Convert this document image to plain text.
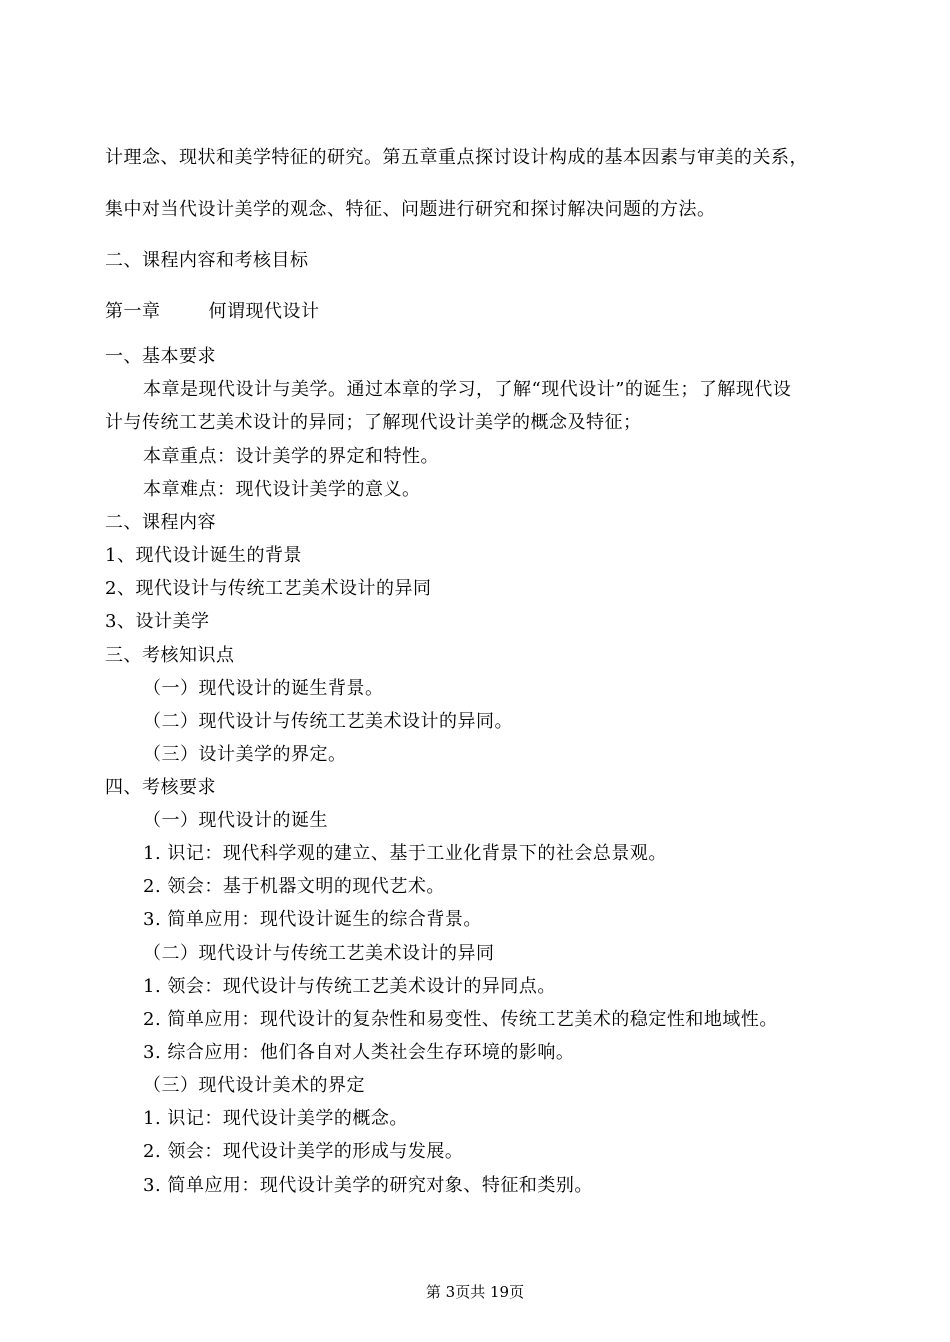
计理念、现状和美学特征的研究。第五章重点探讨设计构成的基本因素与审美的关系，
集中对当代设计美学的观念、特征、问题进行研究和探讨解决问题的方法。
二、课程内容和考核目标
第一章	何谓现代设计
一、基本要求
本章是现代设计与美学。通过本章的学习，了解“现代设计”的诞生；了解现代设
计与传统工艺美术设计的异同；了解现代设计美学的概念及特征；
本章重点：设计美学的界定和特性。
本章难点：现代设计美学的意义。
二、课程内容
1、现代设计诞生的背景
2、现代设计与传统工艺美术设计的异同
3、设计美学
三、考核知识点
（一）现代设计的诞生背景。
（二）现代设计与传统工艺美术设计的异同。
（三）设计美学的界定。
四、考核要求
（一）现代设计的诞生
1. 识记：现代科学观的建立、基于工业化背景下的社会总景观。
2. 领会：基于机器文明的现代艺术。
3. 简单应用：现代设计诞生的综合背景。
（二）现代设计与传统工艺美术设计的异同
1. 领会：现代设计与传统工艺美术设计的异同点。
2. 简单应用：现代设计的复杂性和易变性、传统工艺美术的稳定性和地域性。
3. 综合应用：他们各自对人类社会生存环境的影响。
（三）现代设计美术的界定
1. 识记：现代设计美学的概念。
2. 领会：现代设计美学的形成与发展。
3. 简单应用：现代设计美学的研究对象、特征和类别。
第 3页共 19页
